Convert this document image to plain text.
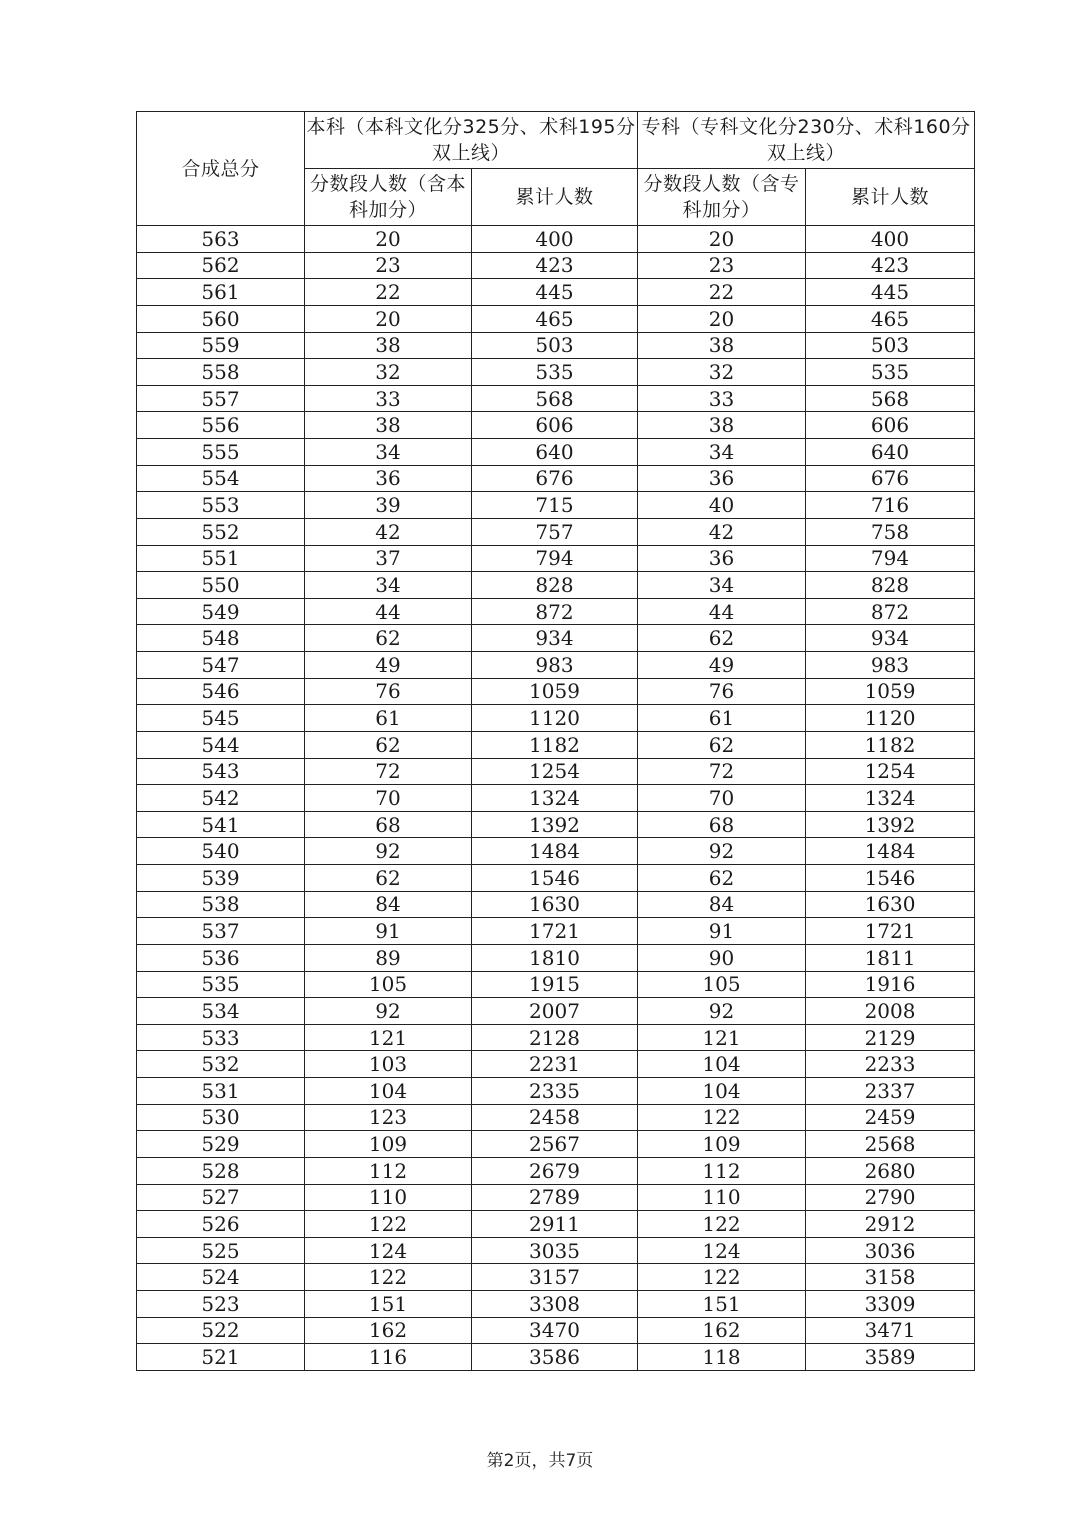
合成总分	本科（本科文化分325分、术科195分双上线）		专科（专科文化分230分、术科160分双上线）	
	分数段人数（含本科加分）	累计人数	分数段人数（含专科加分）	累计人数
563	20	400	20	400
562	23	423	23	423
561	22	445	22	445
560	20	465	20	465
559	38	503	38	503
558	32	535	32	535
557	33	568	33	568
556	38	606	38	606
555	34	640	34	640
554	36	676	36	676
553	39	715	40	716
552	42	757	42	758
551	37	794	36	794
550	34	828	34	828
549	44	872	44	872
548	62	934	62	934
547	49	983	49	983
546	76	1059	76	1059
545	61	1120	61	1120
544	62	1182	62	1182
543	72	1254	72	1254
542	70	1324	70	1324
541	68	1392	68	1392
540	92	1484	92	1484
539	62	1546	62	1546
538	84	1630	84	1630
537	91	1721	91	1721
536	89	1810	90	1811
535	105	1915	105	1916
534	92	2007	92	2008
533	121	2128	121	2129
532	103	2231	104	2233
531	104	2335	104	2337
530	123	2458	122	2459
529	109	2567	109	2568
528	112	2679	112	2680
527	110	2789	110	2790
526	122	2911	122	2912
525	124	3035	124	3036
524	122	3157	122	3158
523	151	3308	151	3309
522	162	3470	162	3471
521	116	3586	118	3589
第2页，共7页
